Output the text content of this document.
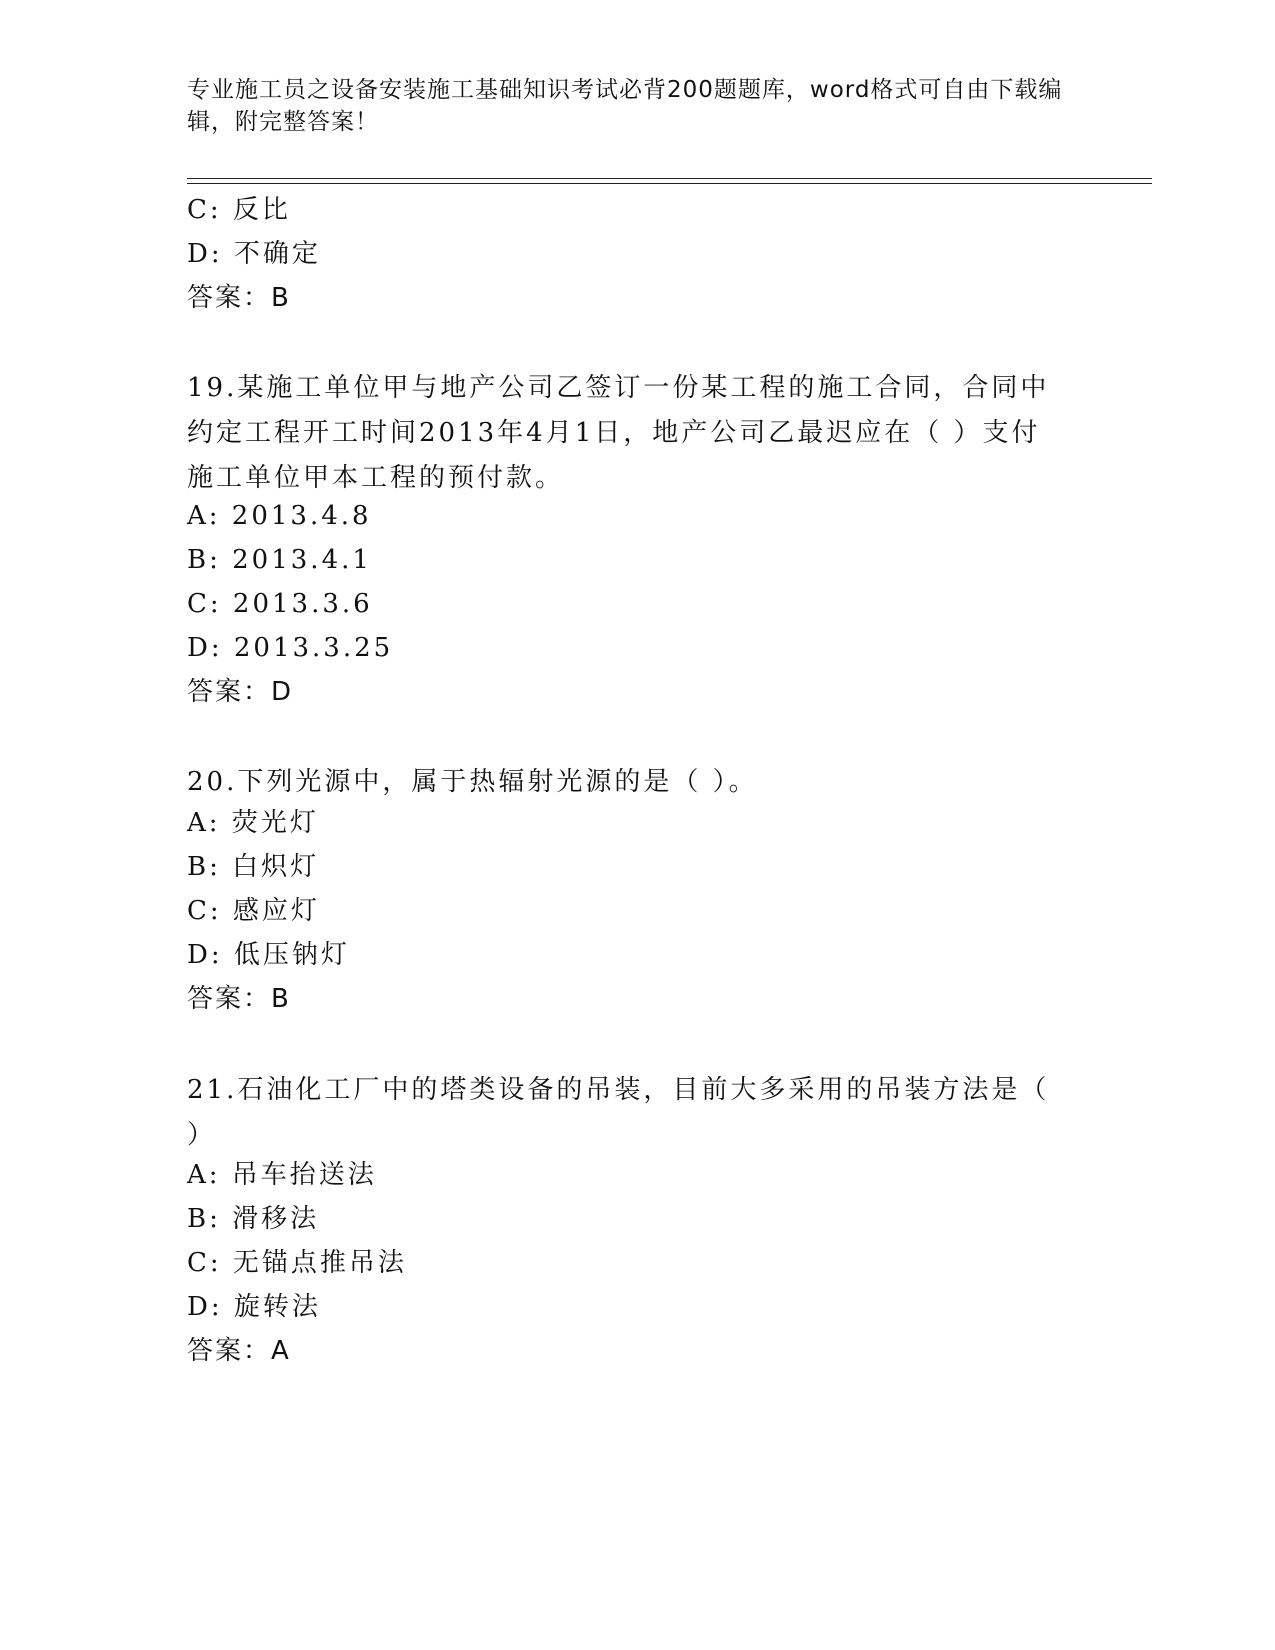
专业施工员之设备安装施工基础知识考试必背200题题库，word格式可自由下载编辑，附完整答案！
C: 反比
D: 不确定
答案：B
19.某施工单位甲与地产公司乙签订一份某工程的施工合同，合同中约定工程开工时间2013年4月1日，地产公司乙最迟应在（ ）支付施工单位甲本工程的预付款。
A: 2013.4.8
B: 2013.4.1
C: 2013.3.6
D: 2013.3.25
答案：D
20.下列光源中，属于热辐射光源的是（ ）。
A: 荧光灯
B: 白炽灯
C: 感应灯
D: 低压钠灯
答案：B
21.石油化工厂中的塔类设备的吊装，目前大多采用的吊装方法是（ ）
A: 吊车抬送法
B: 滑移法
C: 无锚点推吊法
D: 旋转法
答案：A
